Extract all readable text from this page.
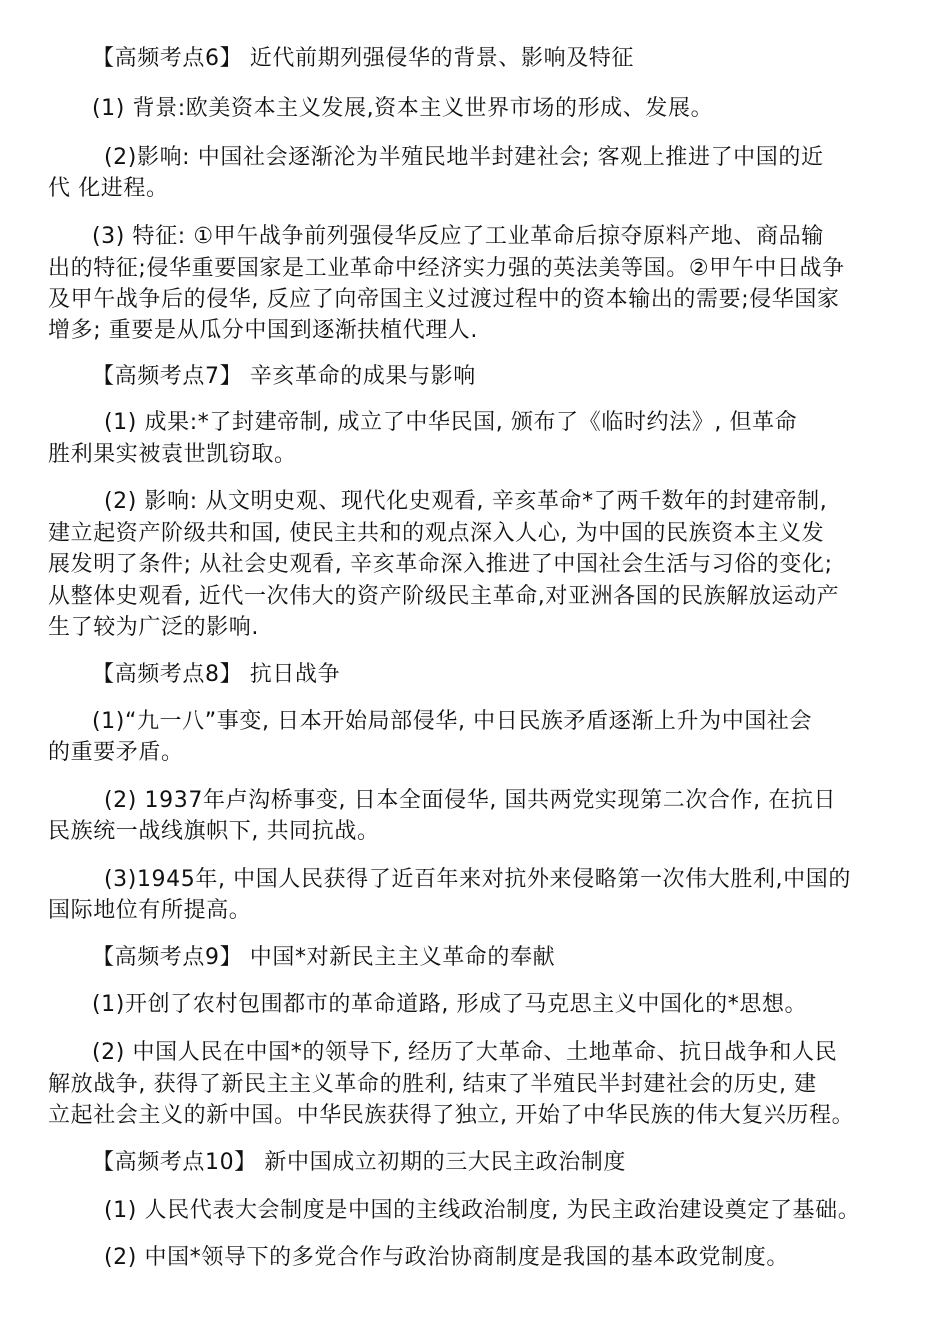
【高频考点6】 近代前期列强侵华的背景、影响及特征
(1) 背景:欧美资本主义发展,资本主义世界市场的形成、发展。
(2)影响: 中国社会逐渐沦为半殖民地半封建社会; 客观上推进了中国的近
代 化进程。
(3) 特征: ①甲午战争前列强侵华反应了工业革命后掠夺原料产地、商品输
出的特征;侵华重要国家是工业革命中经济实力强的英法美等国。②甲午中日战争
及甲午战争后的侵华, 反应了向帝国主义过渡过程中的资本输出的需要;侵华国家
增多; 重要是从瓜分中国到逐渐扶植代理人.
【高频考点7】 辛亥革命的成果与影响
(1) 成果:*了封建帝制, 成立了中华民国, 颁布了《临时约法》, 但革命
胜利果实被袁世凯窃取。
(2) 影响: 从文明史观、现代化史观看, 辛亥革命*了两千数年的封建帝制,
建立起资产阶级共和国, 使民主共和的观点深入人心, 为中国的民族资本主义发
展发明了条件; 从社会史观看, 辛亥革命深入推进了中国社会生活与习俗的变化;
从整体史观看, 近代一次伟大的资产阶级民主革命,对亚洲各国的民族解放运动产
生了较为广泛的影响.
【高频考点8】 抗日战争
(1)“九一八”事变, 日本开始局部侵华, 中日民族矛盾逐渐上升为中国社会
的重要矛盾。
(2) 1937年卢沟桥事变, 日本全面侵华, 国共两党实现第二次合作, 在抗日
民族统一战线旗帜下, 共同抗战。
(3)1945年, 中国人民获得了近百年来对抗外来侵略第一次伟大胜利,中国的
国际地位有所提高。
【高频考点9】 中国*对新民主主义革命的奉献
(1)开创了农村包围都市的革命道路, 形成了马克思主义中国化的*思想。
(2) 中国人民在中国*的领导下, 经历了大革命、土地革命、抗日战争和人民
解放战争, 获得了新民主主义革命的胜利, 结束了半殖民半封建社会的历史, 建
立起社会主义的新中国。中华民族获得了独立, 开始了中华民族的伟大复兴历程。
【高频考点10】 新中国成立初期的三大民主政治制度
(1) 人民代表大会制度是中国的主线政治制度, 为民主政治建设奠定了基础。
(2) 中国*领导下的多党合作与政治协商制度是我国的基本政党制度。
